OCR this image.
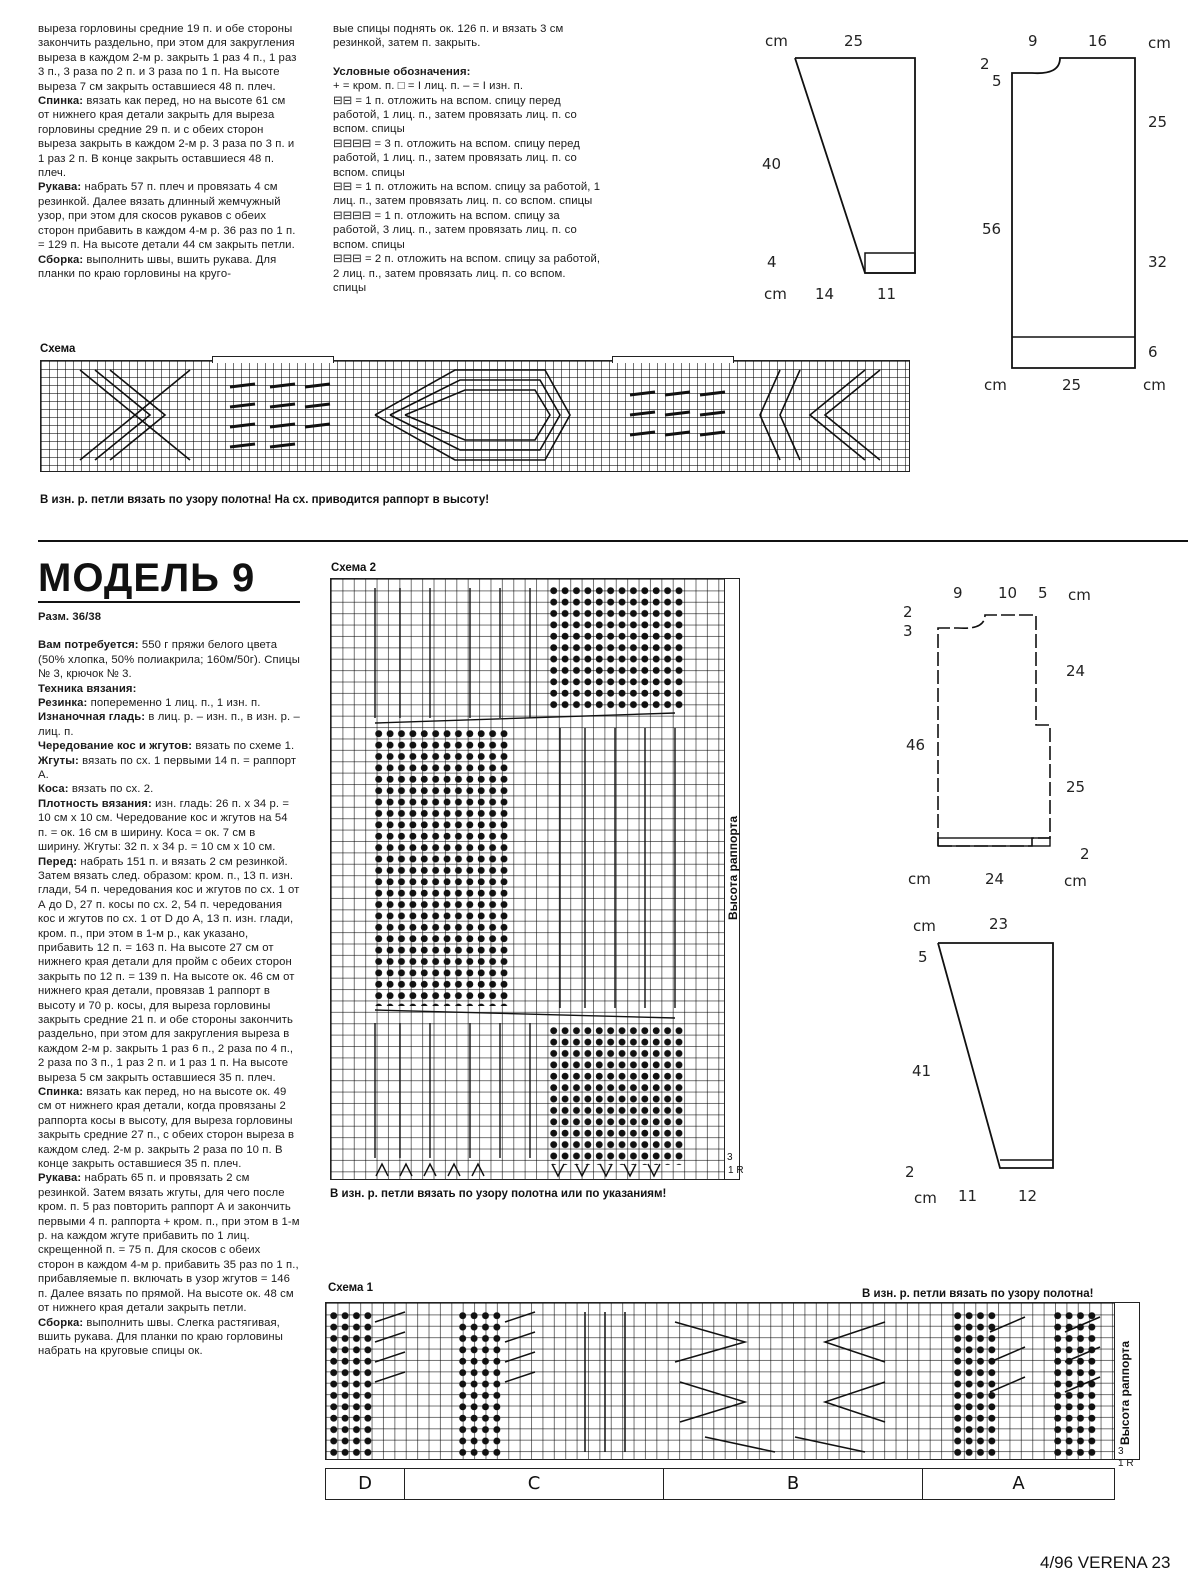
выреза горловины средние 19 п. и обе стороны закончить раздельно, при этом для закругления выреза в каждом 2-м р. закрыть 1 раз 4 п., 1 раз 3 п., 3 раза по 2 п. и 3 раза по 1 п. На высоте выреза 7 см закрыть оставшиеся 48 п. плеч.

Спинка: вязать как перед, но на высоте 61 см от нижнего края детали закрыть для выреза горловины средние 29 п. и с обеих сторон выреза закрыть в каждом 2-м р. 3 раза по 3 п. и 1 раз 2 п. В конце закрыть оставшиеся 48 п. плеч.

Рукава: набрать 57 п. плеч и провязать 4 см резинкой. Далее вязать длинный жемчужный узор, при этом для скосов рукавов с обеих сторон прибавить в каждом 4-м р. 36 раз по 1 п. = 129 п. На высоте детали 44 см закрыть петли.

Сборка: выполнить швы, вшить рукава. Для планки по краю горловины на кругo-

вые спицы поднять ок. 126 п. и вязать 3 см резинкой, затем п. закрыть.

Условные обозначения:

+ = кром. п. □ = I лиц. п. – = I изн. п.

⊟⊟ = 1 п. отложить на вспом. спицу перед работой, 1 лиц. п., затем провязать лиц. п. со вспом. спицы

⊟⊟⊟⊟ = 3 п. отложить на вспом. спицу перед работой, 1 лиц. п., затем провязать лиц. п. со вспом. спицы

⊟⊟ = 1 п. отложить на вспом. спицу за работой, 1 лиц. п., затем провязать лиц. п. со вспом. спицы

⊟⊟⊟⊟ = 1 п. отложить на вспом. спицу за работой, 3 лиц. п., затем провязать лиц. п. со вспом. спицы

⊟⊟⊟ = 2 п. отложить на вспом. спицу за работой, 2 лиц. п., затем провязать лиц. п. со вспом. спицы

cm	25
40
4
cm 14	11
9	16	cm
2
5
25
56
32
6
cm	25	cm
Схема
В изн. р. петли вязать по узору полотна! На сх. приводится раппорт в высоту!
МОДЕЛЬ 9

Разм. 36/38

Вам потребуется: 550 г пряжи белого цвета (50% хлопка, 50% полиакрила; 160м/50г). Спицы № 3, крючок № 3.

Техника вязания:

Резинка: попеременно 1 лиц. п., 1 изн. п.

Изнаночная гладь: в лиц. р. – изн. п., в изн. р. – лиц. п.

Чередование кос и жгутов: вязать по схеме 1.

Жгуты: вязать по сх. 1 первыми 14 п. = раппорт А.

Коса: вязать по сх. 2.

Плотность вязания: изн. гладь: 26 п. x 34 р. = 10 см x 10 см. Чередование кос и жгутов на 54 п. = ок. 16 см в ширину. Коса = ок. 7 см в ширину. Жгуты: 32 п. x 34 р. = 10 см x 10 см.

Перед: набрать 151 п. и вязать 2 см резинкой. Затем вязать след. образом: кром. п., 13 п. изн. глади, 54 п. чередования кос и жгутов по сх. 1 от А до D, 27 п. косы по сх. 2, 54 п. чередования кос и жгутов по сх. 1 от D до A, 13 п. изн. глади, кром. п., при этом в 1-м р., как указано, прибавить 12 п. = 163 п. На высоте 27 см от нижнего края детали для пройм с обеих сторон закрыть по 12 п. = 139 п. На высоте ок. 46 см от нижнего края детали, провязав 1 раппорт в высоту и 70 р. косы, для выреза горловины закрыть средние 21 п. и обе стороны закончить раздельно, при этом для закругления выреза в каждом 2-м р. закрыть 1 раз 6 п., 2 раза по 4 п., 2 раза по 3 п., 1 раз 2 п. и 1 раз 1 п. На высоте выреза 5 см закрыть оставшиеся 35 п. плеч.

Спинка: вязать как перед, но на высоте ок. 49 см от нижнего края детали, когда провязаны 2 раппорта косы в высоту, для выреза горловины закрыть средние 27 п., с обеих сторон выреза в каждом след. 2-м р. закрыть 2 раза по 10 п. В конце закрыть оставшиеся 35 п. плеч.

Рукава: набрать 65 п. и провязать 2 см резинкой. Затем вязать жгуты, для чего после кром. п. 5 раз повторить раппорт А и закончить первыми 4 п. раппорта + кром. п., при этом в 1-м р. на каждом жгуте прибавить по 1 лиц. скрещенной п. = 75 п. Для скосов с обеих сторон в каждом 4-м р. прибавить 35 раз по 1 п., прибавляемые п. включать в узор жгутов = 146 п. Далее вязать по прямой. На высоте ок. 48 см от нижнего края детали закрыть петли.

Сборка: выполнить швы. Слегка растягивая, вшить рукава. Для планки по краю горловины набрать на круговые спицы ок.

Схема 2
Высота раппорта
3
1 R
В изн. р. петли вязать по узору полотна или по указаниям!
9 10 5 cm
2
3
24
46
25
2
cm	24	cm
cm	23
5
41
2
cm 11	12
Схема 1	В изн. р. петли вязать по узору полотна!
Высота раппорта
3
1 R
D	C	B	A
4/96 VERENA 23
